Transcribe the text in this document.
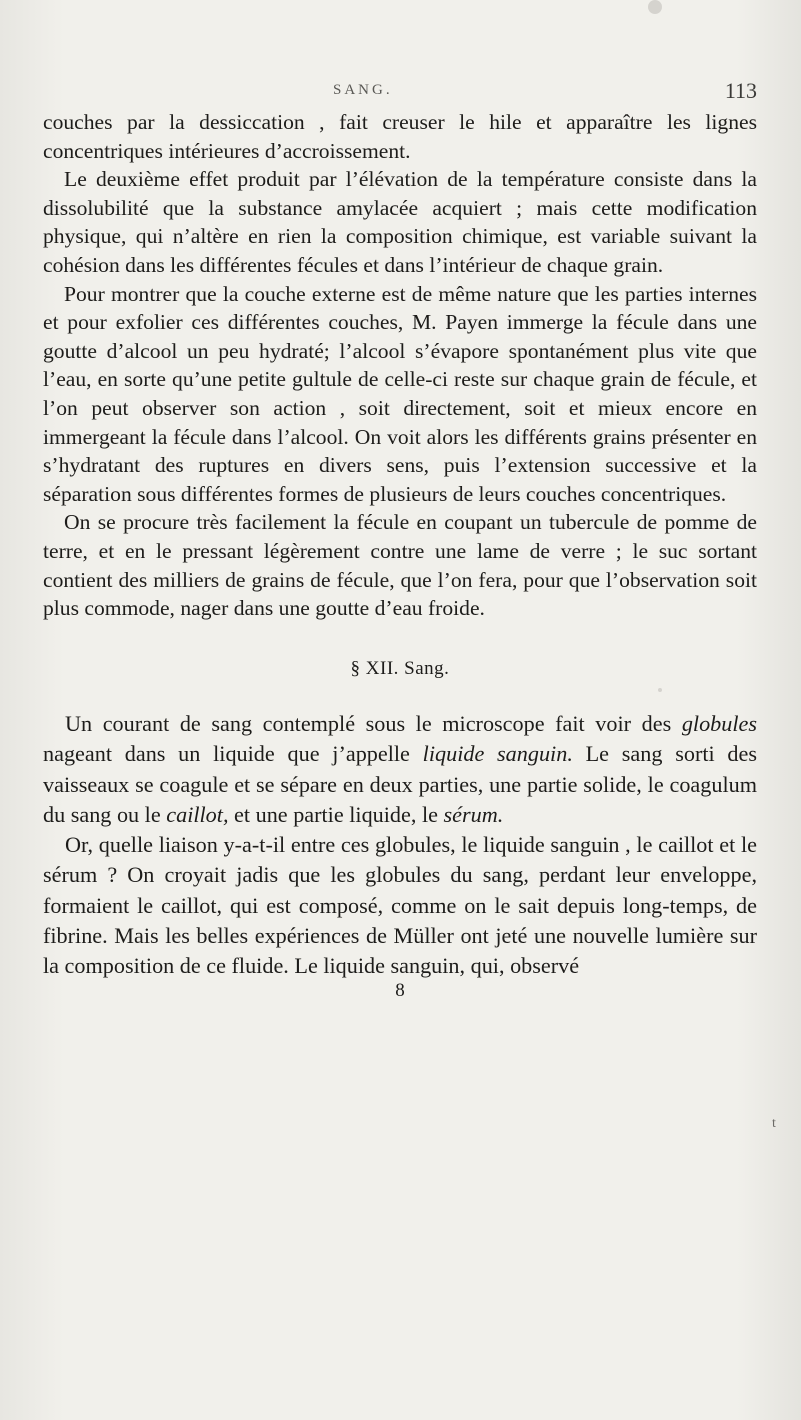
SANG.	113

couches par la dessiccation , fait creuser le hile et apparaître les lignes concentriques intérieures d’accroissement.

Le deuxième effet produit par l’élévation de la température consiste dans la dissolubilité que la substance amylacée acquiert ; mais cette modification physique, qui n’altère en rien la composition chimique, est variable suivant la cohésion dans les différentes fécules et dans l’intérieur de chaque grain.

Pour montrer que la couche externe est de même nature que les parties internes et pour exfolier ces différentes couches, M. Payen immerge la fécule dans une goutte d’alcool un peu hydraté; l’alcool s’évapore spontanément plus vite que l’eau, en sorte qu’une petite gultule de celle-ci reste sur chaque grain de fécule, et l’on peut observer son action , soit directement, soit et mieux encore en immergeant la fécule dans l’alcool. On voit alors les différents grains présenter en s’hydratant des ruptures en divers sens, puis l’extension successive et la séparation sous différentes formes de plusieurs de leurs couches concentriques.

On se procure très facilement la fécule en coupant un tubercule de pomme de terre, et en le pressant légèrement contre une lame de verre ; le suc sortant contient des milliers de grains de fécule, que l’on fera, pour que l’observation soit plus commode, nager dans une goutte d’eau froide.

§ XII. Sang.

Un courant de sang contemplé sous le microscope fait voir des globules nageant dans un liquide que j’appelle liquide sanguin. Le sang sorti des vaisseaux se coagule et se sépare en deux parties, une partie solide, le coagulum du sang ou le caillot, et une partie liquide, le sérum.

Or, quelle liaison y-a-t-il entre ces globules, le liquide sanguin , le caillot et le sérum ? On croyait jadis que les globules du sang, perdant leur enveloppe, formaient le caillot, qui est composé, comme on le sait depuis long-temps, de fibrine. Mais les belles expériences de Müller ont jeté une nouvelle lumière sur la composition de ce fluide. Le liquide sanguin, qui, observé

8
t
